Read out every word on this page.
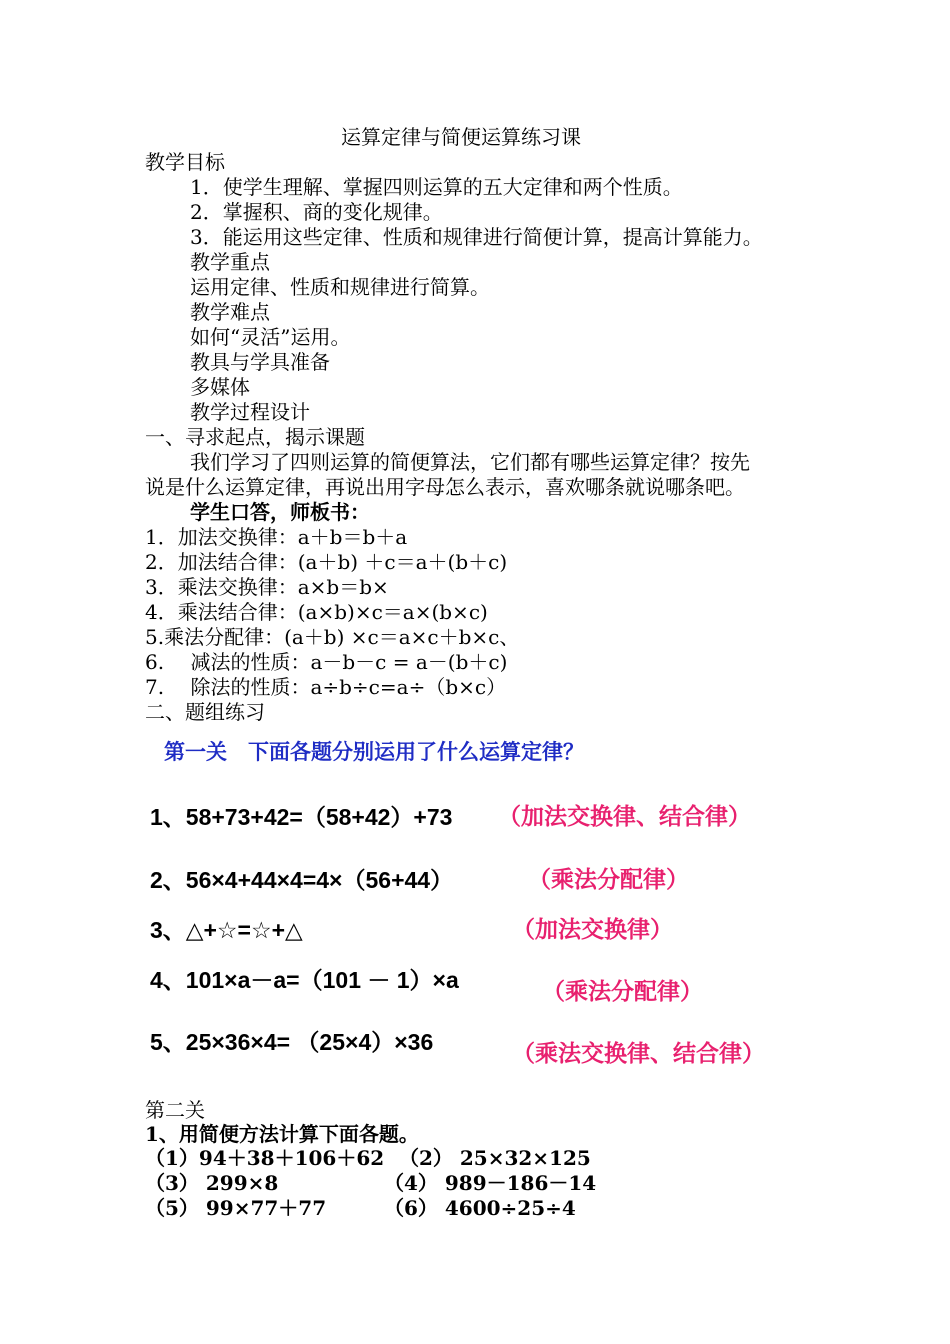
运算定律与简便运算练习课
教学目标
1．使学生理解、掌握四则运算的五大定律和两个性质。
2．掌握积、商的变化规律。
3．能运用这些定律、性质和规律进行简便计算，提高计算能力。
教学重点
运用定律、性质和规律进行简算。
教学难点
如何“灵活”运用。
教具与学具准备
多媒体
教学过程设计
一、寻求起点，揭示课题
我们学习了四则运算的简便算法，它们都有哪些运算定律？按先
说是什么运算定律，再说出用字母怎么表示，喜欢哪条就说哪条吧。
学生口答，师板书：
1．加法交换律：a＋b＝b＋a
2．加法结合律：(a＋b) ＋c＝a＋(b＋c)
3．乘法交换律：a×b＝b×
4．乘法结合律：(a×b)×c＝a×(b×c)
5.乘法分配律：(a＋b) ×c＝a×c＋b×c、
6.　 减法的性质：a－b－c = a－(b＋c)
7.　 除法的性质：a÷b÷c=a÷（b×c）
二、题组练习
第一关　下面各题分别运用了什么运算定律？
1、58+73+42=（58+42）+73 （加法交换律、结合律）
2、56×4+44×4=4×（56+44）	（乘法分配律）
3、△+☆=☆+△	（加法交换律）
4、101×a－a=（101 － 1）×a	（乘法分配律）
5、25×36×4= （25×4）×36	（乘法交换律、结合律）
第二关
1、用简便方法计算下面各题。
（1）94＋38＋106＋62 （2） 25×32×125
（3） 299×8	（4） 989－186－14
（5） 99×77＋77	（6） 4600÷25÷4
